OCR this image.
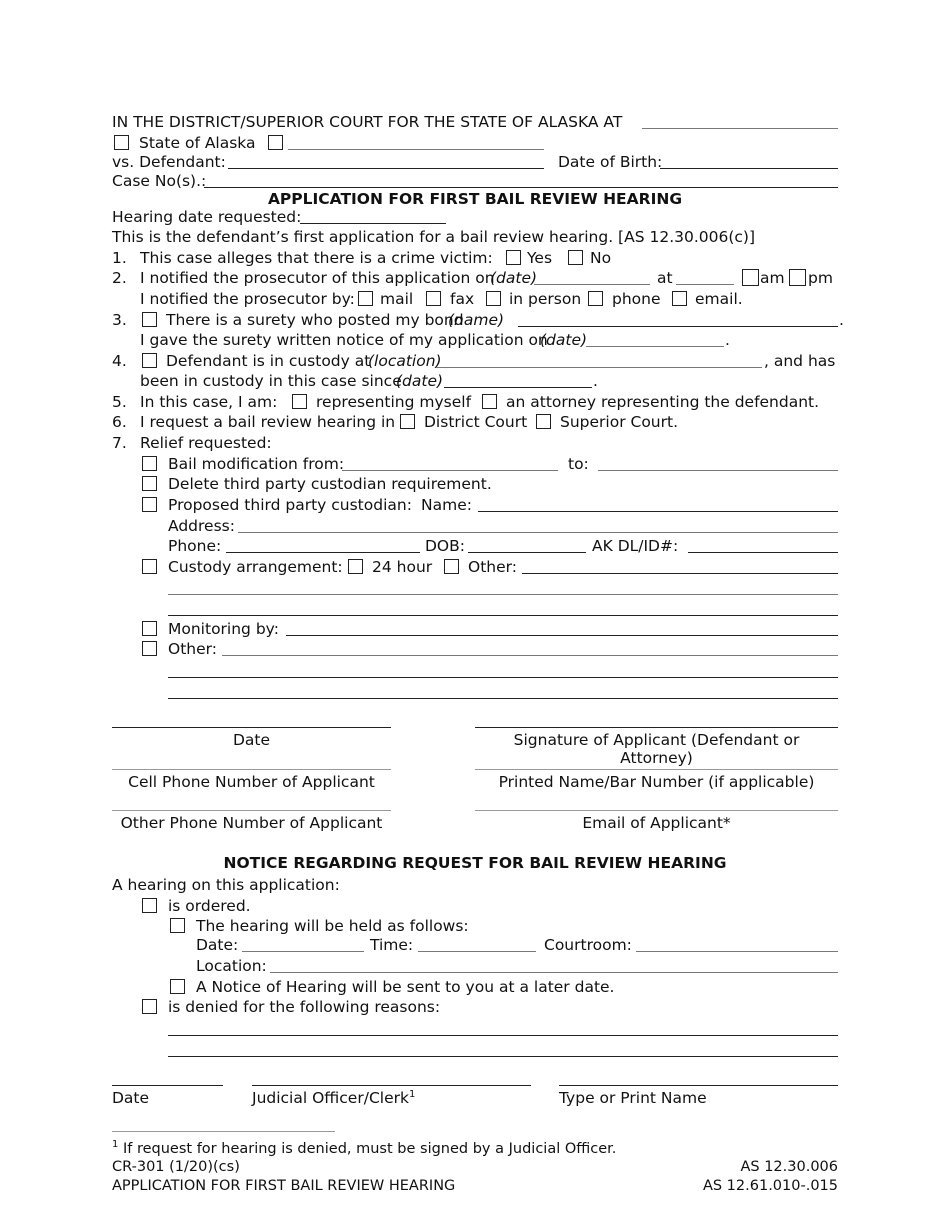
IN THE DISTRICT/SUPERIOR COURT FOR THE STATE OF ALASKA AT
State of Alaska
vs. Defendant:	Date of Birth:
Case No(s).:
APPLICATION FOR FIRST BAIL REVIEW HEARING
Hearing date requested:
This is the defendant’s first application for a bail review hearing. [AS 12.30.006(c)]
1. This case alleges that there is a crime victim: Yes No
2. I notified the prosecutor of this application on
(date)	at	am pm
I notified the prosecutor by: mail fax in person phone email.
3.	There is a surety who posted my bond
(name)	.
I gave the surety written notice of my application on
(date)	.
4.	Defendant is in custody at
(location)	, and has
been in custody in this case since
(date)	.
5. In this case, I am: representing myself an attorney representing the defendant.
6. I request a bail review hearing in District Court Superior Court.
7. Relief requested:
Bail modification from:	to:
Delete third party custodian requirement.
Proposed third party custodian: Name:
Address:
Phone:	DOB:	AK DL/ID#:
Custody arrangement: 24 hour Other:
Monitoring by:
Other:
Date	Signature of Applicant (Defendant or Attorney)
Cell Phone Number of Applicant	Printed Name/Bar Number (if applicable)
Other Phone Number of Applicant	Email of Applicant*
NOTICE REGARDING REQUEST FOR BAIL REVIEW HEARING
A hearing on this application:
is ordered.
The hearing will be held as follows:
Date:	Time:	Courtroom:
Location:
A Notice of Hearing will be sent to you at a later date.
is denied for the following reasons:
Date	Judicial Officer/Clerk$^1$	Type or Print Name
$^1$ If request for hearing is denied, must be signed by a Judicial Officer.
CR-301 (1/20)(cs)	AS 12.30.006
APPLICATION FOR FIRST BAIL REVIEW HEARING	AS 12.61.010-.015
